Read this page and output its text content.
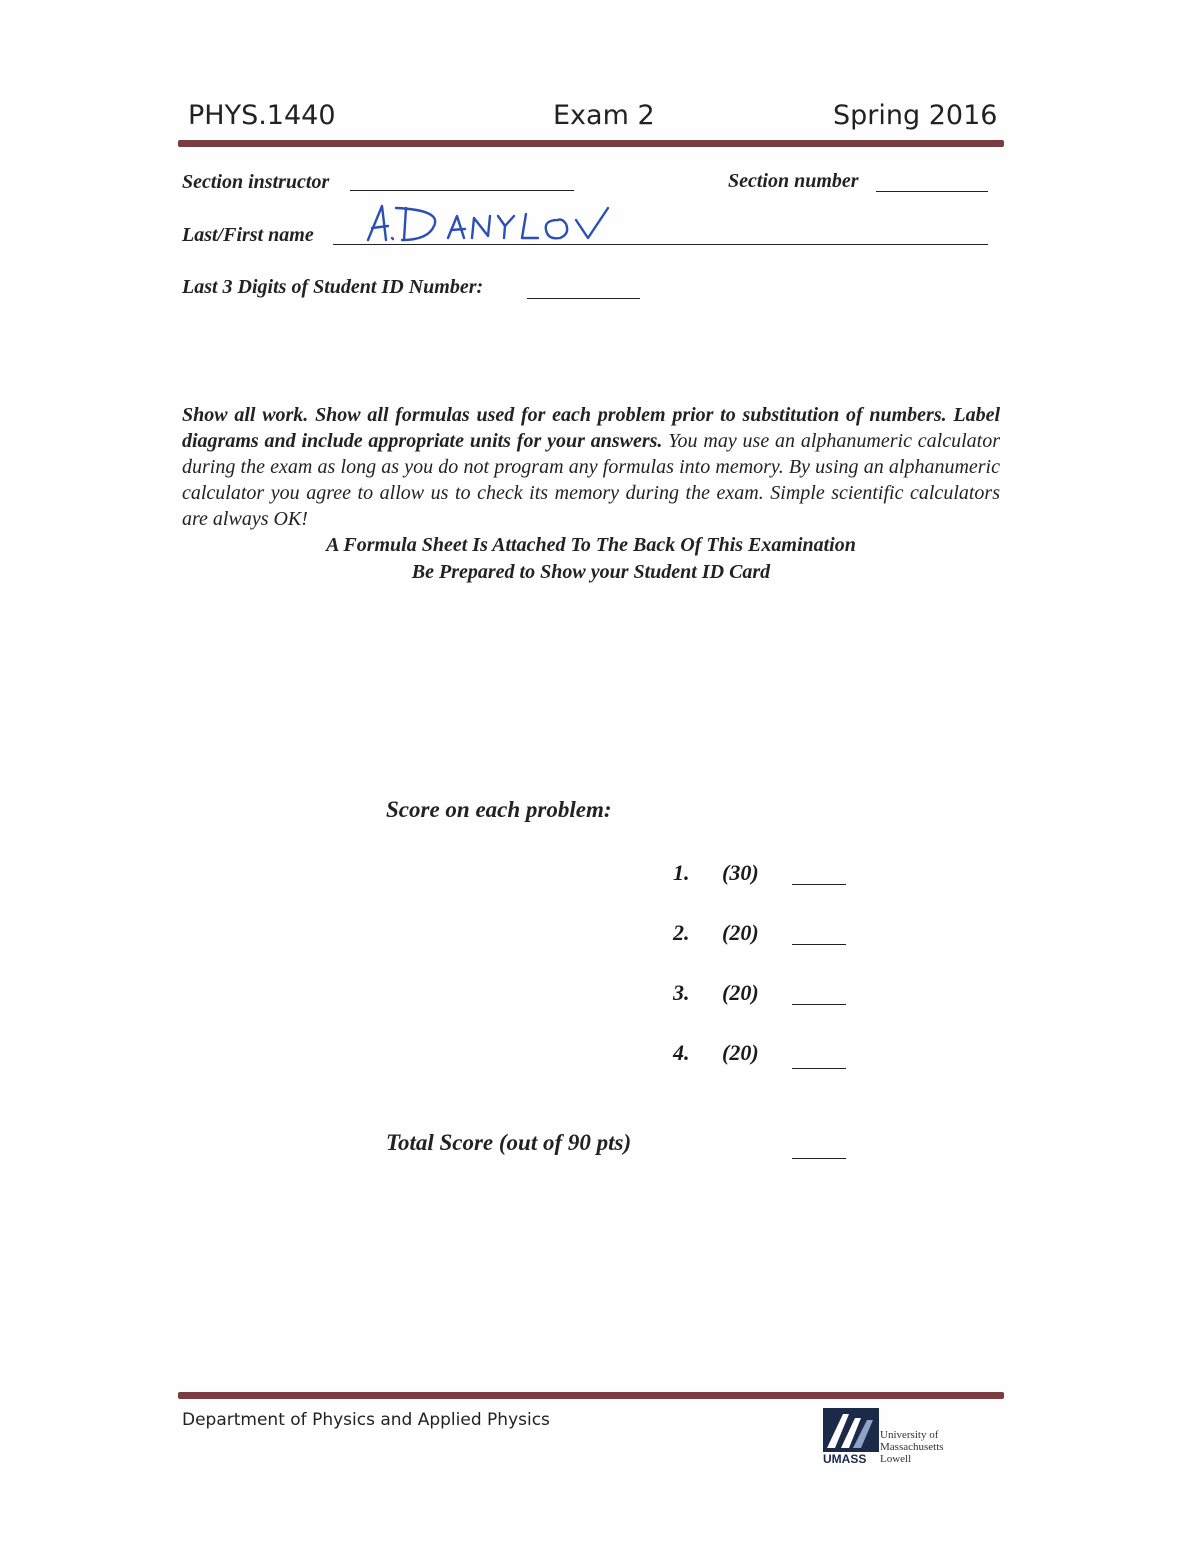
PHYS.1440	Exam 2	Spring 2016
Section instructor	Section number
Last/First name
Last 3 Digits of Student ID Number:
Show all work. Show all formulas used for each problem prior to substitution of numbers. Label diagrams and include appropriate units for your answers. You may use an alphanumeric calculator during the exam as long as you do not program any formulas into memory. By using an alphanumeric calculator you agree to allow us to check its memory during the exam. Simple scientific calculators are always OK!
A Formula Sheet Is Attached To The Back Of This Examination
Be Prepared to Show your Student ID Card
Score on each problem:
1. (30)
2. (20)
3. (20)
4. (20)
Total Score (out of 90 pts)
Department of Physics and Applied Physics
University of
Massachusetts
Lowell
UMASS
